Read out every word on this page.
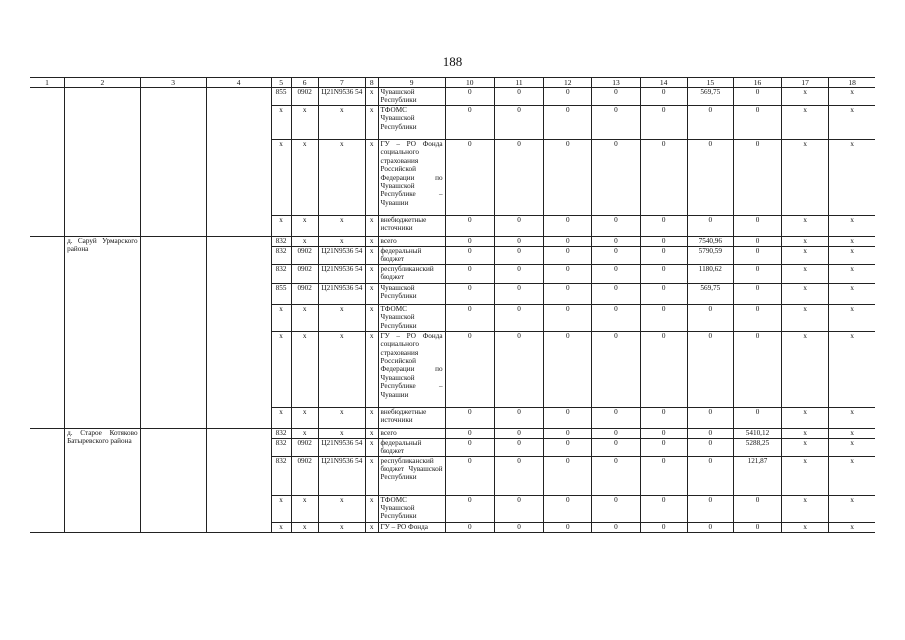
188
1	2	3	4	5	6	7	8	9	10	11	12	13	14	15	16	17	18
				855	0902	Ц21N9536 54	x	Чувашской Республики	0	0	0	0	0	569,75	0	x	x
				x	x	x	x	ТФОМС Чувашской Республики	0	0	0	0	0	0	0	x	x
				x	x	x	x	ГУ – РО Фонда социального страхования Российской Федерации по Чувашской Республике – Чувашии	0	0	0	0	0	0	0	x	x
				x	x	x	x	внебюджетные источники	0	0	0	0	0	0	0	x	x
	д. Саруй Урмарского района			832	x	x	x	всего	0	0	0	0	0	7540,96	0	x	x
				832	0902	Ц21N9536 54	x	федеральный бюджет	0	0	0	0	0	5790,59	0	x	x
				832	0902	Ц21N9536 54	x	республиканский бюджет	0	0	0	0	0	1180,62	0	x	x
				855	0902	Ц21N9536 54	x	Чувашской Республики	0	0	0	0	0	569,75	0	x	x
				x	x	x	x	ТФОМС Чувашской Республики	0	0	0	0	0	0	0	x	x
				x	x	x	x	ГУ – РО Фонда социального страхования Российской Федерации по Чувашской Республике – Чувашии	0	0	0	0	0	0	0	x	x
				x	x	x	x	внебюджетные источники	0	0	0	0	0	0	0	x	x
	д. Старое Котяково Батыревского района			832	x	x	x	всего	0	0	0	0	0	0	5410,12	x	x
				832	0902	Ц21N9536 54	x	федеральный бюджет	0	0	0	0	0	0	5288,25	x	x
				832	0902	Ц21N9536 54	x	республиканский бюджет Чувашской Республики	0	0	0	0	0	0	121,87	x	x
				x	x	x	x	ТФОМС Чувашской Республики	0	0	0	0	0	0	0	x	x
				x	x	x	x	ГУ – РО Фонда	0	0	0	0	0	0	0	x	x
